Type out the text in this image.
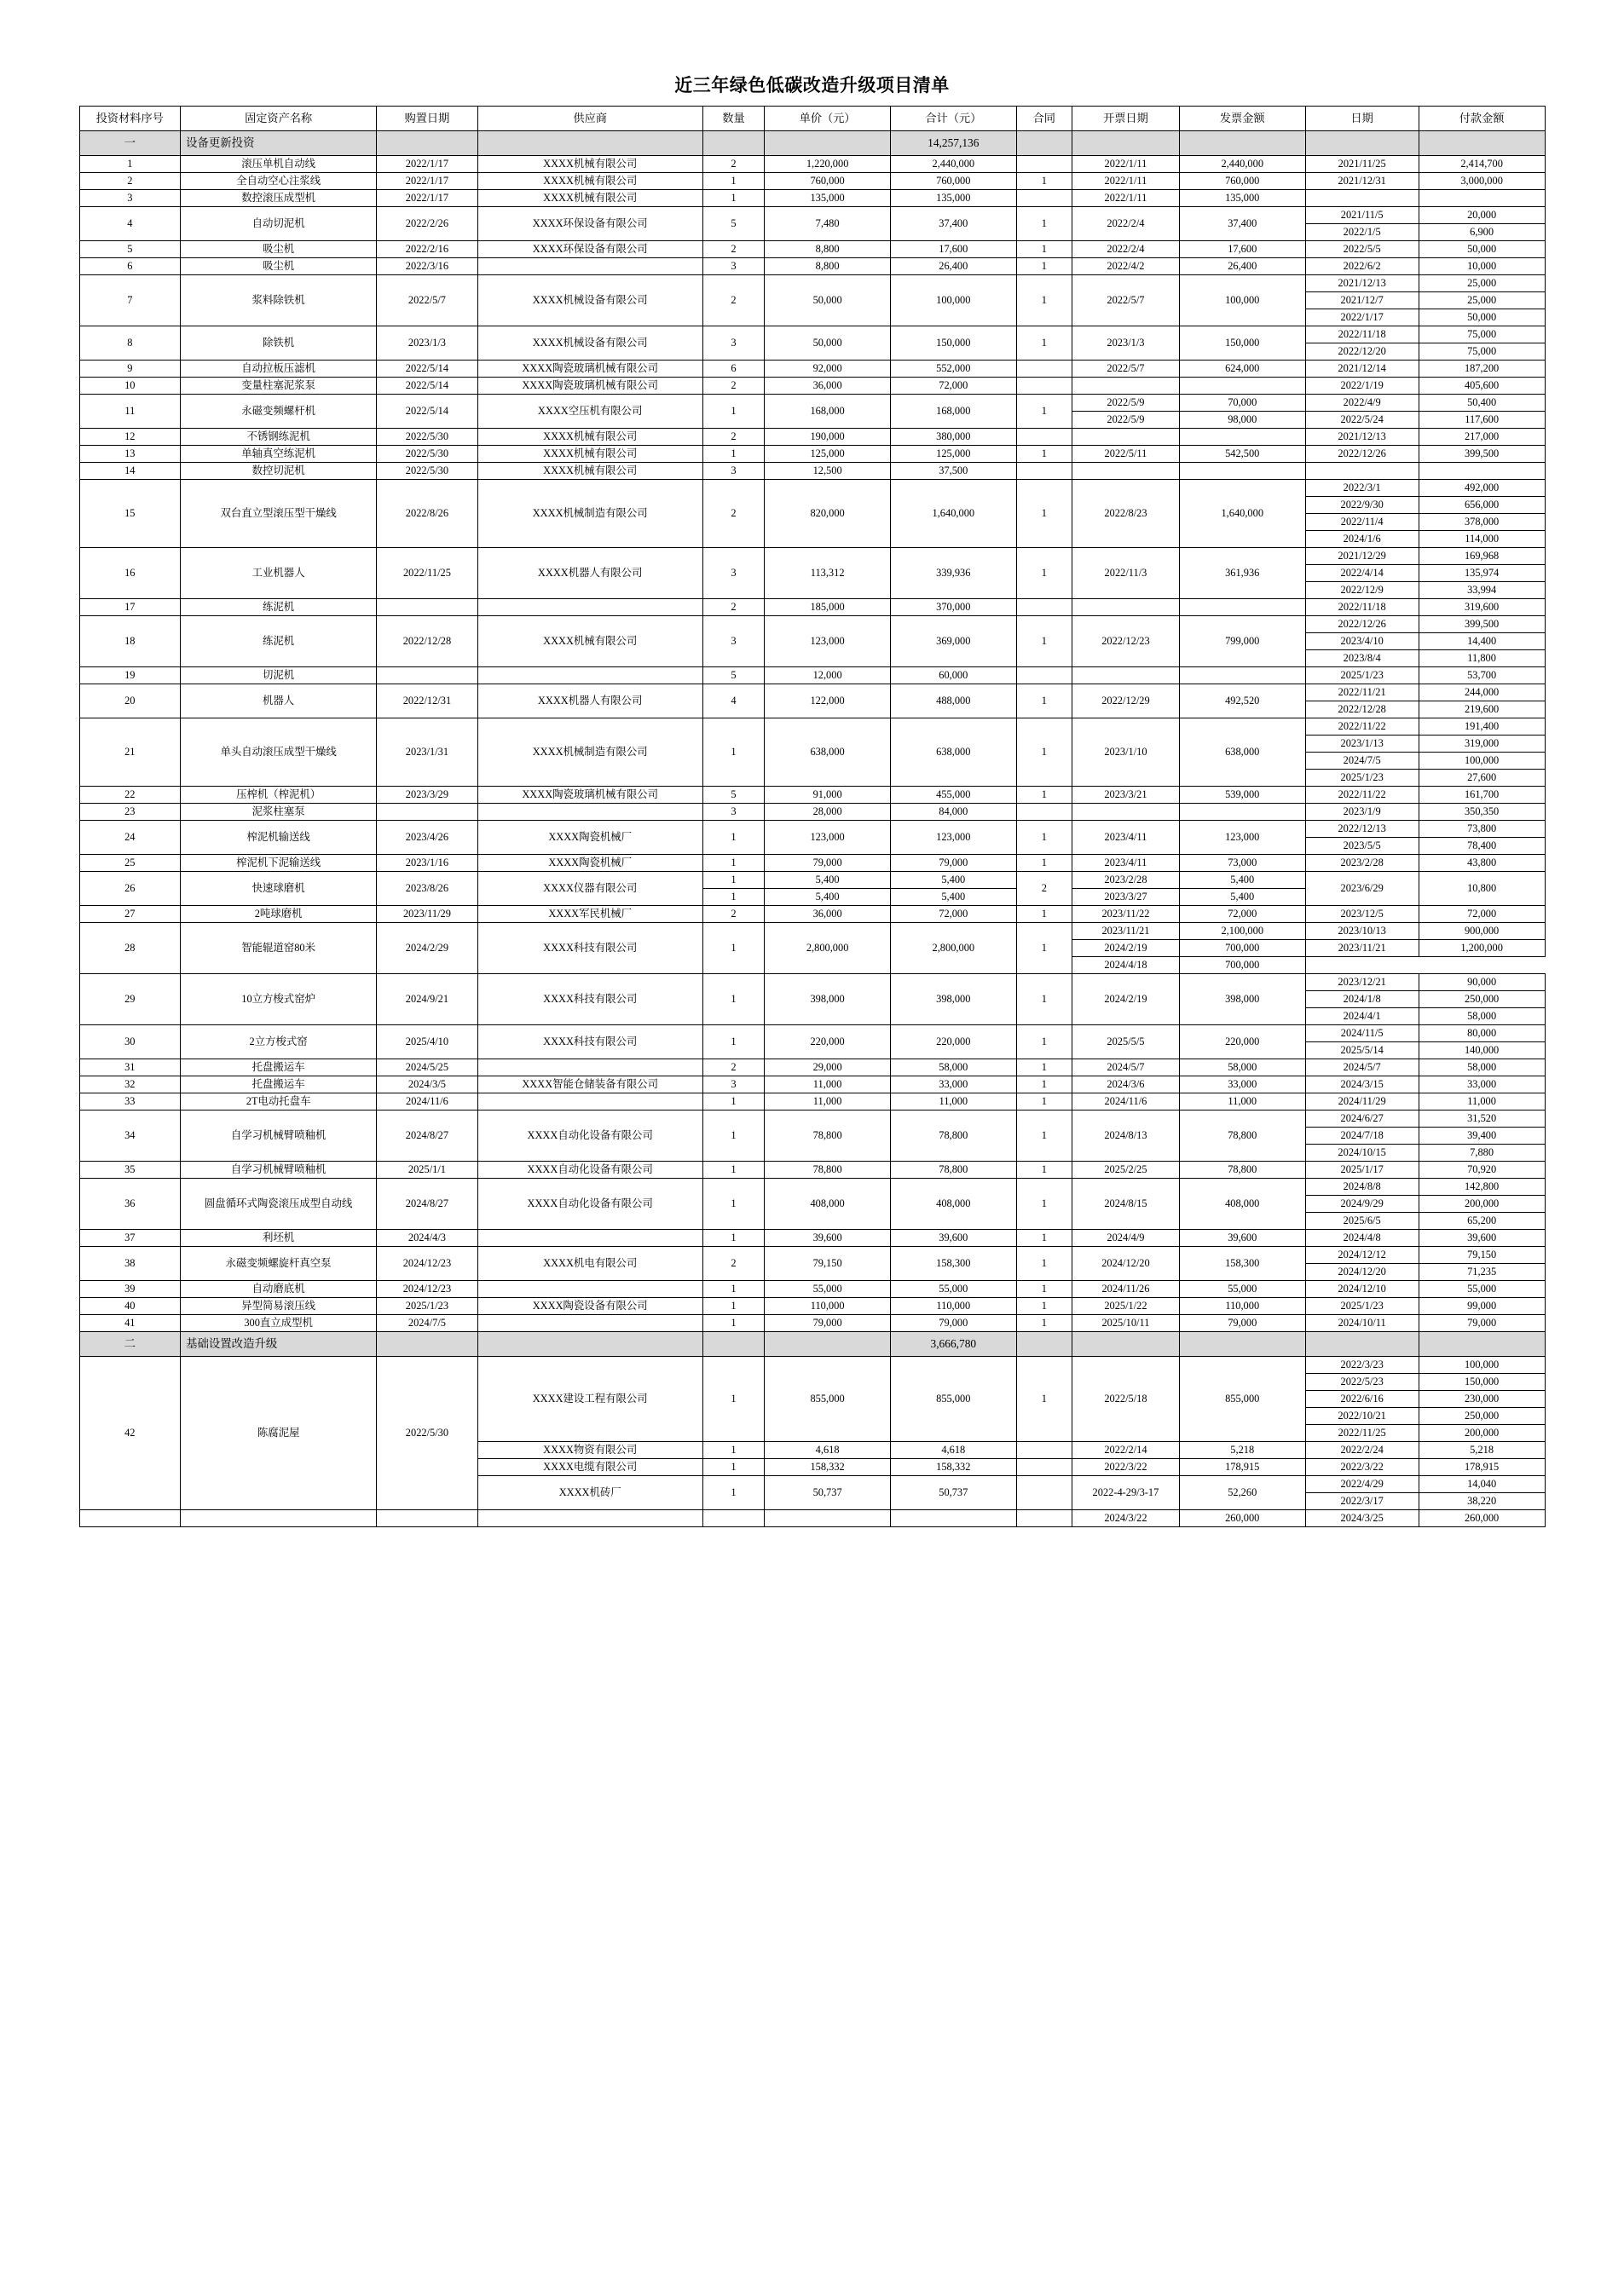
近三年绿色低碳改造升级项目清单
投资材料序号	固定资产名称	购置日期	供应商	数量	单价（元）	合计（元）	合同	开票日期	发票金额	日期	付款金额
一	设备更新投资					14,257,136					
1	滚压单机自动线	2022/1/17	XXXX机械有限公司	2	1,220,000	2,440,000		2022/1/11	2,440,000	2021/11/25	2,414,700
2	全自动空心注浆线	2022/1/17	XXXX机械有限公司	1	760,000	760,000	1	2022/1/11	760,000	2021/12/31	3,000,000
3	数控滚压成型机	2022/1/17	XXXX机械有限公司	1	135,000	135,000		2022/1/11	135,000		
4	自动切泥机	2022/2/26	XXXX环保设备有限公司	5	7,480	37,400	1	2022/2/4	37,400	2021/11/5	20,000
										2022/1/5	6,900
5	吸尘机	2022/2/16	XXXX环保设备有限公司	2	8,800	17,600	1	2022/2/4	17,600	2022/5/5	50,000
6	吸尘机	2022/3/16		3	8,800	26,400	1	2022/4/2	26,400	2022/6/2	10,000
7	浆料除铁机	2022/5/7	XXXX机械设备有限公司	2	50,000	100,000	1	2022/5/7	100,000	2021/12/13	25,000
										2021/12/7	25,000
										2022/1/17	50,000
8	除铁机	2023/1/3	XXXX机械设备有限公司	3	50,000	150,000	1	2023/1/3	150,000	2022/11/18	75,000
										2022/12/20	75,000
9	自动拉板压滤机	2022/5/14	XXXX陶瓷玻璃机械有限公司	6	92,000	552,000		2022/5/7	624,000	2021/12/14	187,200
10	变量柱塞泥浆泵	2022/5/14	XXXX陶瓷玻璃机械有限公司	2	36,000	72,000				2022/1/19	405,600
11	永磁变频螺杆机	2022/5/14	XXXX空压机有限公司	1	168,000	168,000	1	2022/5/9	70,000	2022/4/9	50,400
								2022/5/9	98,000	2022/5/24	117,600
12	不锈钢练泥机	2022/5/30	XXXX机械有限公司	2	190,000	380,000				2021/12/13	217,000
13	单轴真空练泥机	2022/5/30	XXXX机械有限公司	1	125,000	125,000	1	2022/5/11	542,500	2022/12/26	399,500
14	数控切泥机	2022/5/30	XXXX机械有限公司	3	12,500	37,500					
15	双台直立型滚压型干燥线	2022/8/26	XXXX机械制造有限公司	2	820,000	1,640,000	1	2022/8/23	1,640,000	2022/3/1	492,000
										2022/9/30	656,000
										2022/11/4	378,000
										2024/1/6	114,000
16	工业机器人	2022/11/25	XXXX机器人有限公司	3	113,312	339,936	1	2022/11/3	361,936	2021/12/29	169,968
										2022/4/14	135,974
										2022/12/9	33,994
17	练泥机			2	185,000	370,000				2022/11/18	319,600
18	练泥机	2022/12/28	XXXX机械有限公司	3	123,000	369,000	1	2022/12/23	799,000	2022/12/26	399,500
										2023/4/10	14,400
										2023/8/4	11,800
19	切泥机			5	12,000	60,000				2025/1/23	53,700
20	机器人	2022/12/31	XXXX机器人有限公司	4	122,000	488,000	1	2022/12/29	492,520	2022/11/21	244,000
										2022/12/28	219,600
21	单头自动滚压成型干燥线	2023/1/31	XXXX机械制造有限公司	1	638,000	638,000	1	2023/1/10	638,000	2022/11/22	191,400
										2023/1/13	319,000
										2024/7/5	100,000
										2025/1/23	27,600
22	压榨机（榨泥机）	2023/3/29	XXXX陶瓷玻璃机械有限公司	5	91,000	455,000	1	2023/3/21	539,000	2022/11/22	161,700
23	泥浆柱塞泵			3	28,000	84,000				2023/1/9	350,350
24	榨泥机输送线	2023/4/26	XXXX陶瓷机械厂	1	123,000	123,000	1	2023/4/11	123,000	2022/12/13	73,800
										2023/5/5	78,400
25	榨泥机下泥输送线	2023/1/16	XXXX陶瓷机械厂	1	79,000	79,000	1	2023/4/11	73,000	2023/2/28	43,800
26	快速球磨机	2023/8/26	XXXX仪器有限公司	1	5,400	5,400	2	2023/2/28	5,400	2023/6/29	10,800
				1	5,400	5,400		2023/3/27	5,400		
27	2吨球磨机	2023/11/29	XXXX军民机械厂	2	36,000	72,000	1	2023/11/22	72,000	2023/12/5	72,000
28	智能辊道窑80米	2024/2/29	XXXX科技有限公司	1	2,800,000	2,800,000	1	2023/11/21	2,100,000	2023/10/13	900,000
								2024/2/19	700,000	2023/11/21	1,200,000
								2024/4/18	700,000		
29	10立方梭式窑炉	2024/9/21	XXXX科技有限公司	1	398,000	398,000	1	2024/2/19	398,000	2023/12/21	90,000
										2024/1/8	250,000
										2024/4/1	58,000
30	2立方梭式窑	2025/4/10	XXXX科技有限公司	1	220,000	220,000	1	2025/5/5	220,000	2024/11/5	80,000
										2025/5/14	140,000
31	托盘搬运车	2024/5/25		2	29,000	58,000	1	2024/5/7	58,000	2024/5/7	58,000
32	托盘搬运车	2024/3/5	XXXX智能仓储装备有限公司	3	11,000	33,000	1	2024/3/6	33,000	2024/3/15	33,000
33	2T电动托盘车	2024/11/6		1	11,000	11,000	1	2024/11/6	11,000	2024/11/29	11,000
34	自学习机械臂喷釉机	2024/8/27	XXXX自动化设备有限公司	1	78,800	78,800	1	2024/8/13	78,800	2024/6/27	31,520
										2024/7/18	39,400
										2024/10/15	7,880
35	自学习机械臂喷釉机	2025/1/1	XXXX自动化设备有限公司	1	78,800	78,800	1	2025/2/25	78,800	2025/1/17	70,920
36	圆盘循环式陶瓷滚压成型自动线	2024/8/27	XXXX自动化设备有限公司	1	408,000	408,000	1	2024/8/15	408,000	2024/8/8	142,800
										2024/9/29	200,000
										2025/6/5	65,200
37	利坯机	2024/4/3		1	39,600	39,600	1	2024/4/9	39,600	2024/4/8	39,600
38	永磁变频螺旋杆真空泵	2024/12/23	XXXX机电有限公司	2	79,150	158,300	1	2024/12/20	158,300	2024/12/12	79,150
										2024/12/20	71,235
39	自动磨底机	2024/12/23		1	55,000	55,000	1	2024/11/26	55,000	2024/12/10	55,000
40	异型简易滚压线	2025/1/23	XXXX陶瓷设备有限公司	1	110,000	110,000	1	2025/1/22	110,000	2025/1/23	99,000
41	300直立成型机	2024/7/5		1	79,000	79,000	1	2025/10/11	79,000	2024/10/11	79,000
二	基础设置改造升级					3,666,780					
42	陈腐泥屋	2022/5/30	XXXX建设工程有限公司	1	855,000	855,000	1	2022/5/18	855,000	2022/3/23	100,000
										2022/5/23	150,000
										2022/6/16	230,000
										2022/10/21	250,000
										2022/11/25	200,000
			XXXX物资有限公司	1	4,618	4,618		2022/2/14	5,218	2022/2/24	5,218
			XXXX电缆有限公司	1	158,332	158,332		2022/3/22	178,915	2022/3/22	178,915
			XXXX机砖厂	1	50,737	50,737		2022-4-29/3-17	52,260	2022/4/29	14,040
										2022/3/17	38,220
								2024/3/22	260,000	2024/3/25	260,000
